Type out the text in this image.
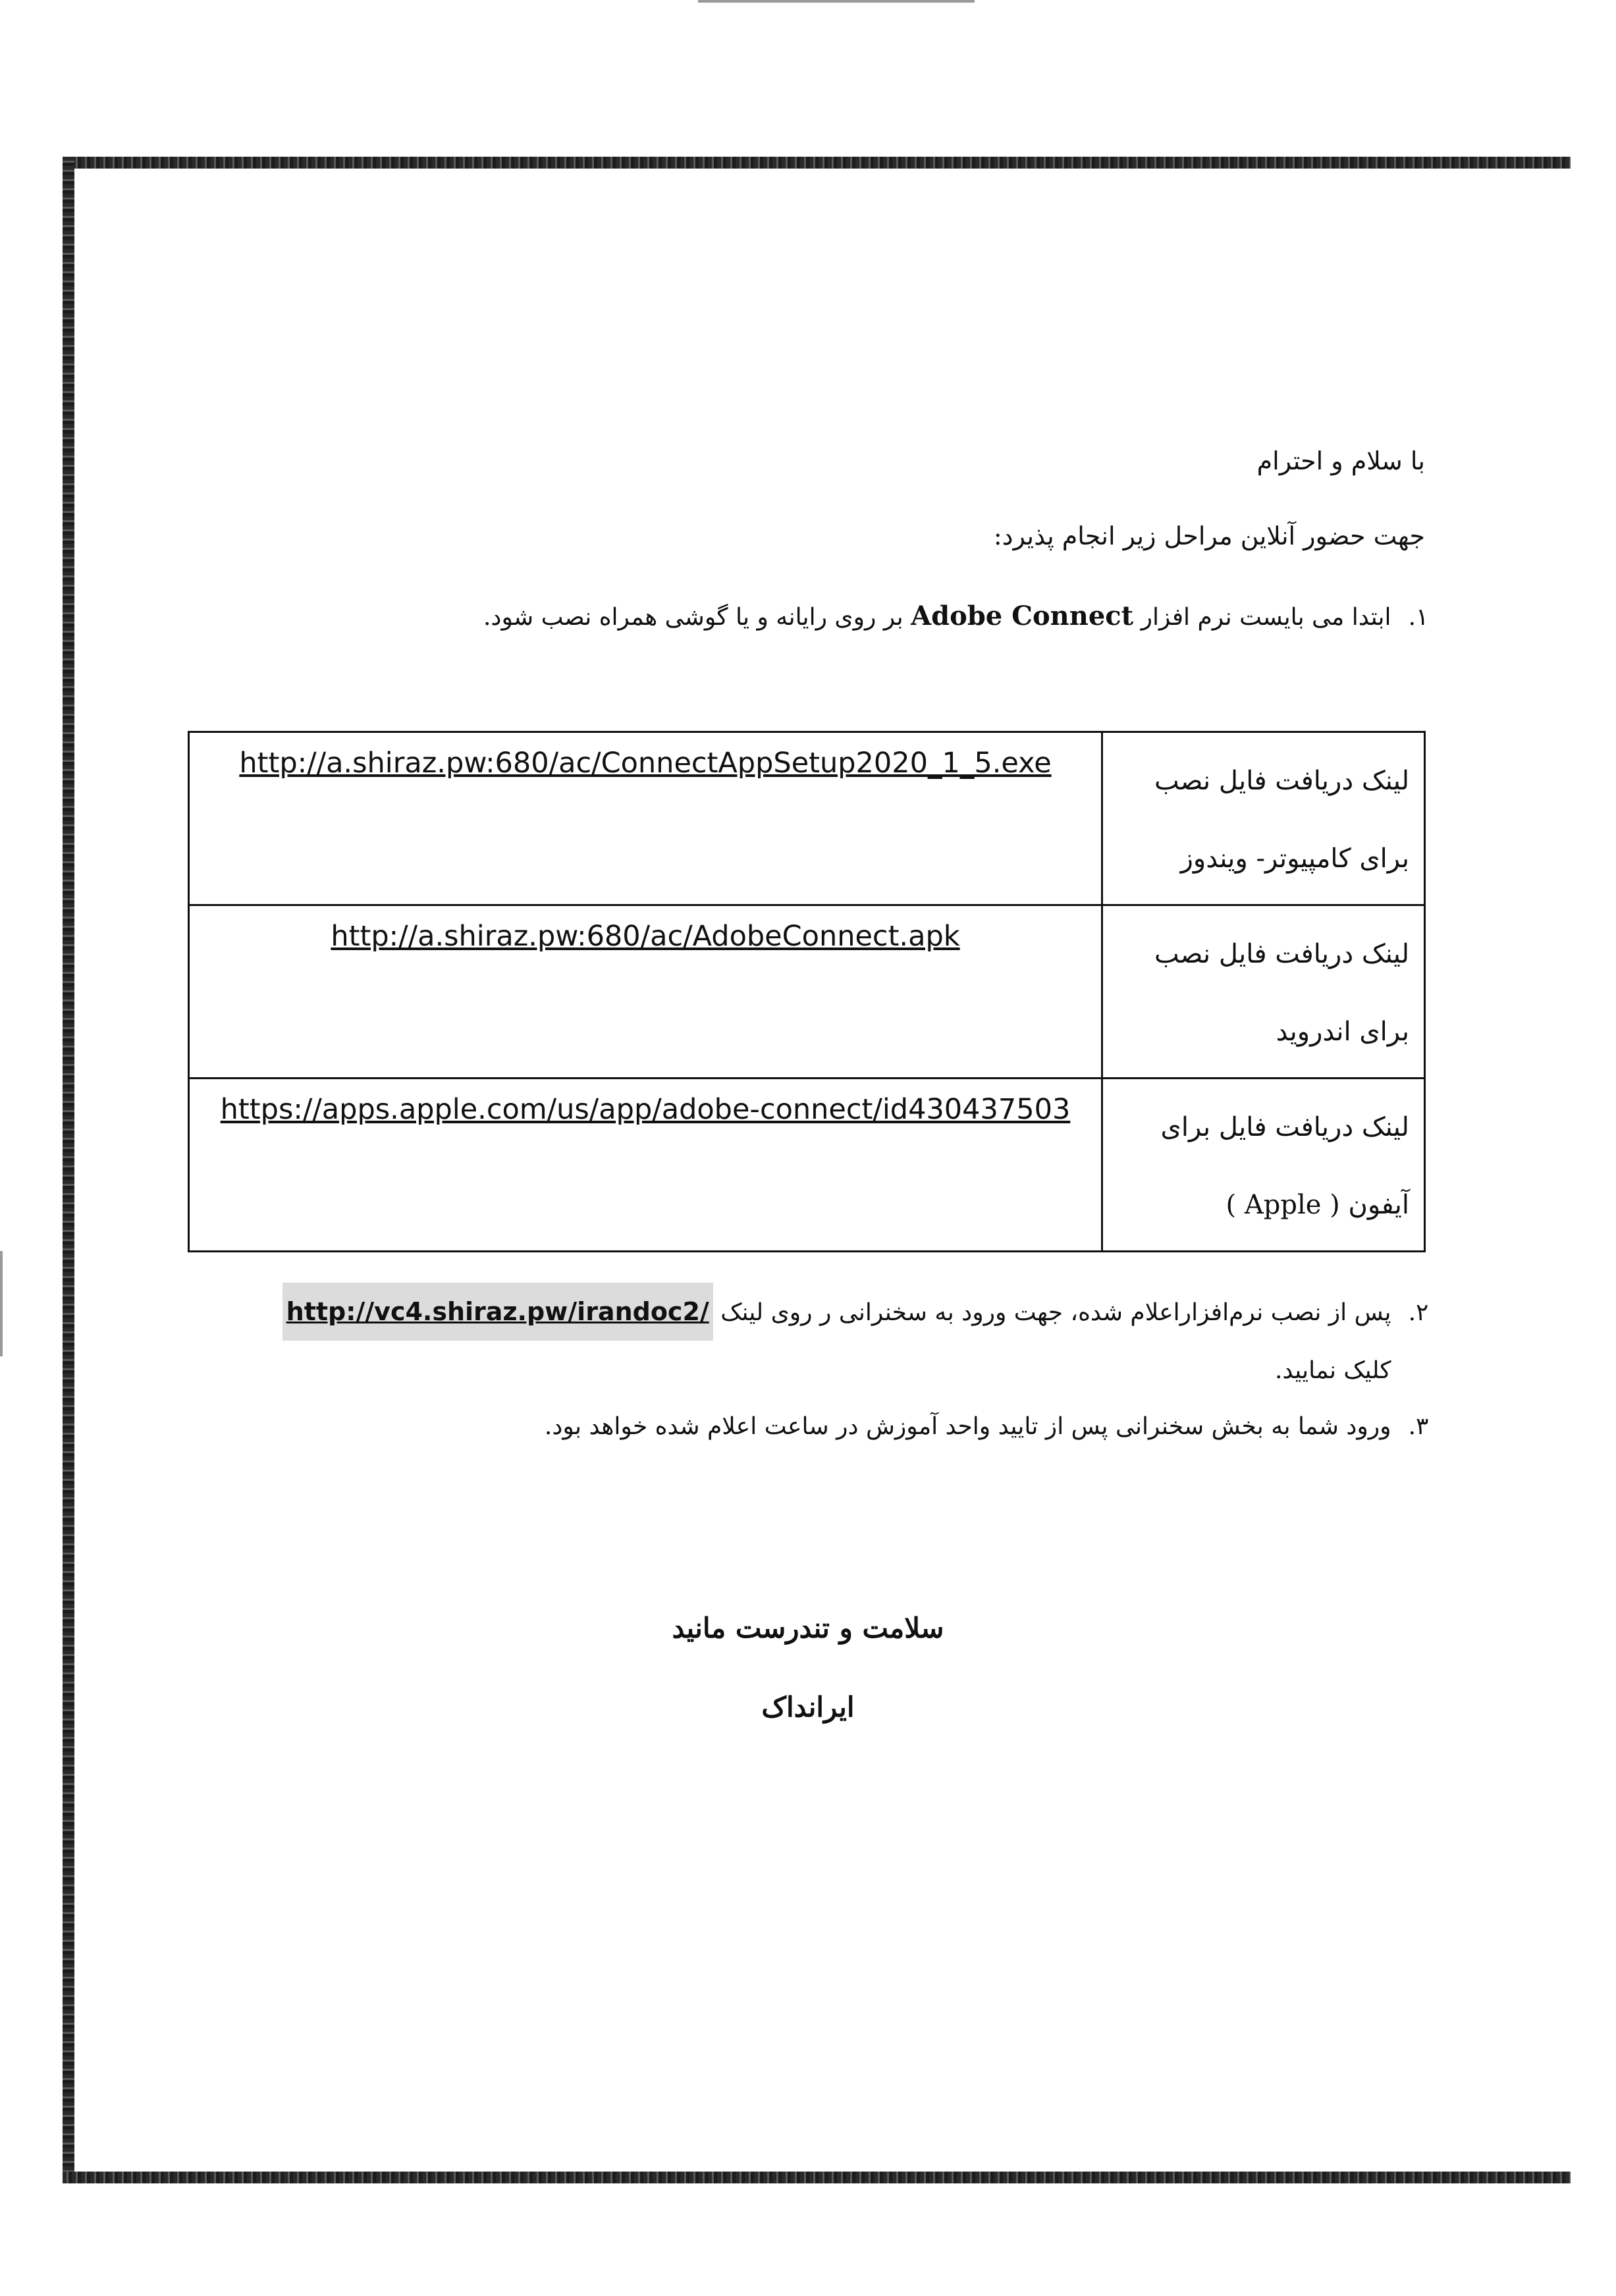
با سلام و احترام
جهت حضور آنلاین مراحل زیر انجام پذیرد:
۱. ابتدا می بایست نرم افزار Adobe Connect بر روی رایانه و یا گوشی همراه نصب شود.
لینک دریافت فایل نصب
برای کامپیوتر- ویندوز	http://a.shiraz.pw:680/ac/ConnectAppSetup2020_1_5.exe

لینک دریافت فایل نصب
برای اندروید	http://a.shiraz.pw:680/ac/AdobeConnect.apk

لینک دریافت فایل برای
آیفون ( Apple )	https://apps.apple.com/us/app/adobe-connect/id430437503
۲. پس از نصب نرم‌افزاراعلام شده، جهت ورود به سخنرانی ر روی لینک http://vc4.shiraz.pw/irandoc2/
کلیک نمایید.
۳. ورود شما به بخش سخنرانی پس از تایید واحد آموزش در ساعت اعلام شده خواهد بود.
سلامت و تندرست مانید
ایرانداک
